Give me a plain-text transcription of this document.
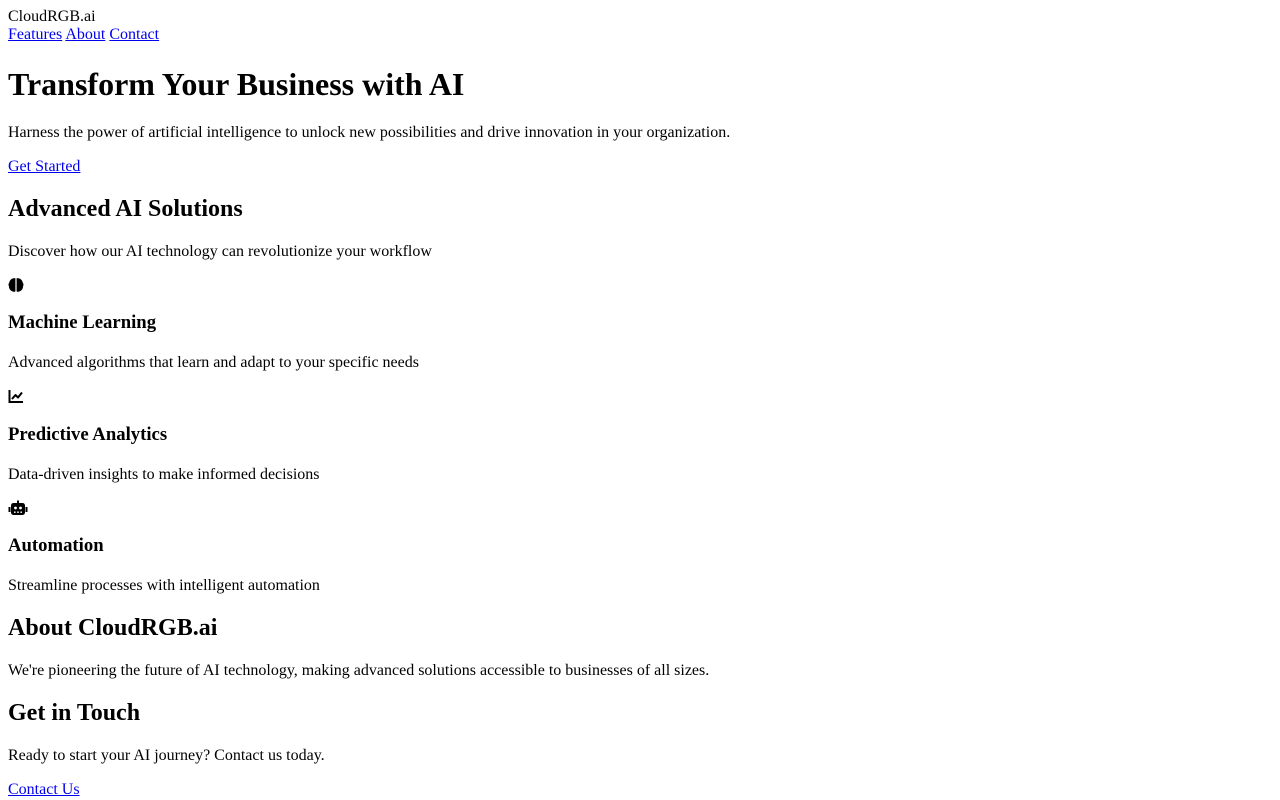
CloudRGB.ai
Features About Contact
Transform Your Business with AI

Harness the power of artificial intelligence to unlock new possibilities and drive innovation in your organization.

Get Started
Advanced AI Solutions

Discover how our AI technology can revolutionize your workflow

Machine Learning

Advanced algorithms that learn and adapt to your specific needs

Predictive Analytics

Data-driven insights to make informed decisions

Automation

Streamline processes with intelligent automation

About CloudRGB.ai

We're pioneering the future of AI technology, making advanced solutions accessible to businesses of all sizes.

Get in Touch

Ready to start your AI journey? Contact us today.

Contact Us
